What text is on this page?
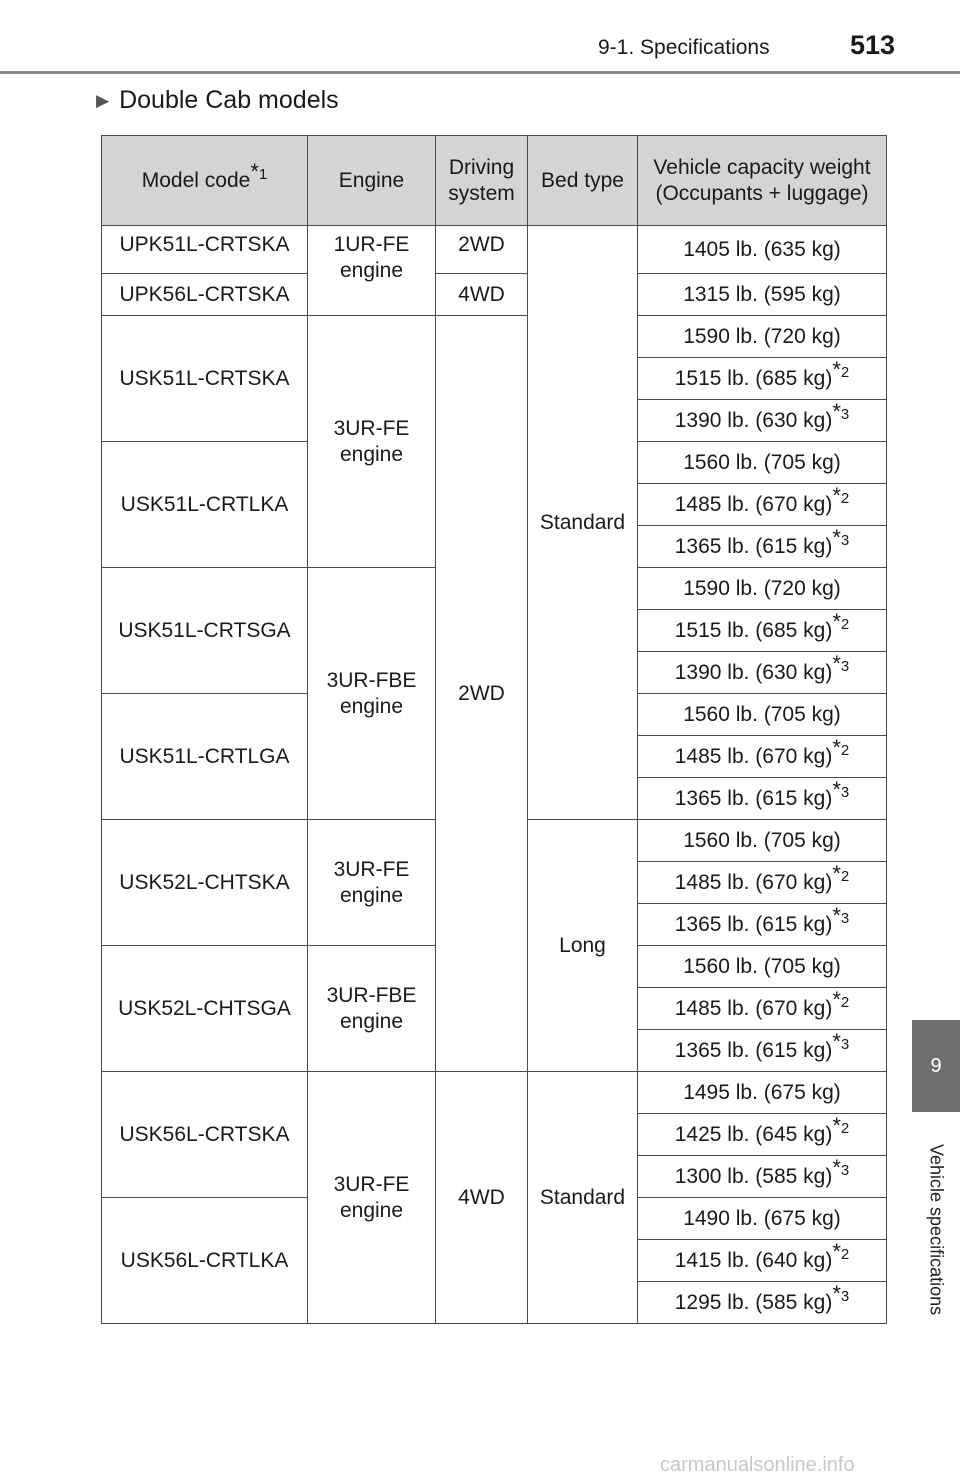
9-1. Specifications	513
▶ Double Cab models
Model code$^{*1}$	Engine	Driving system	Bed type	Vehicle capacity weight (Occupants + luggage)
UPK51L-CRTSKA	1UR-FE engine	2WD	Standard	1405 lb. (635 kg)
UPK56L-CRTSKA		4WD		1315 lb. (595 kg)
USK51L-CRTSKA	3UR-FE engine	2WD		1590 lb. (720 kg)
				1515 lb. (685 kg)$^{*2}$
				1390 lb. (630 kg)$^{*3}$
USK51L-CRTLKA				1560 lb. (705 kg)
				1485 lb. (670 kg)$^{*2}$
				1365 lb. (615 kg)$^{*3}$
USK51L-CRTSGA	3UR-FBE engine			1590 lb. (720 kg)
				1515 lb. (685 kg)$^{*2}$
				1390 lb. (630 kg)$^{*3}$
USK51L-CRTLGA				1560 lb. (705 kg)
				1485 lb. (670 kg)$^{*2}$
				1365 lb. (615 kg)$^{*3}$
USK52L-CHTSKA	3UR-FE engine		Long	1560 lb. (705 kg)
				1485 lb. (670 kg)$^{*2}$
				1365 lb. (615 kg)$^{*3}$
USK52L-CHTSGA	3UR-FBE engine			1560 lb. (705 kg)
				1485 lb. (670 kg)$^{*2}$
				1365 lb. (615 kg)$^{*3}$
USK56L-CRTSKA	3UR-FE engine	4WD	Standard	1495 lb. (675 kg)
				1425 lb. (645 kg)$^{*2}$
				1300 lb. (585 kg)$^{*3}$
USK56L-CRTLKA				1490 lb. (675 kg)
				1415 lb. (640 kg)$^{*2}$
				1295 lb. (585 kg)$^{*3}$
9
Vehicle specifications
carmanualsonline.info
